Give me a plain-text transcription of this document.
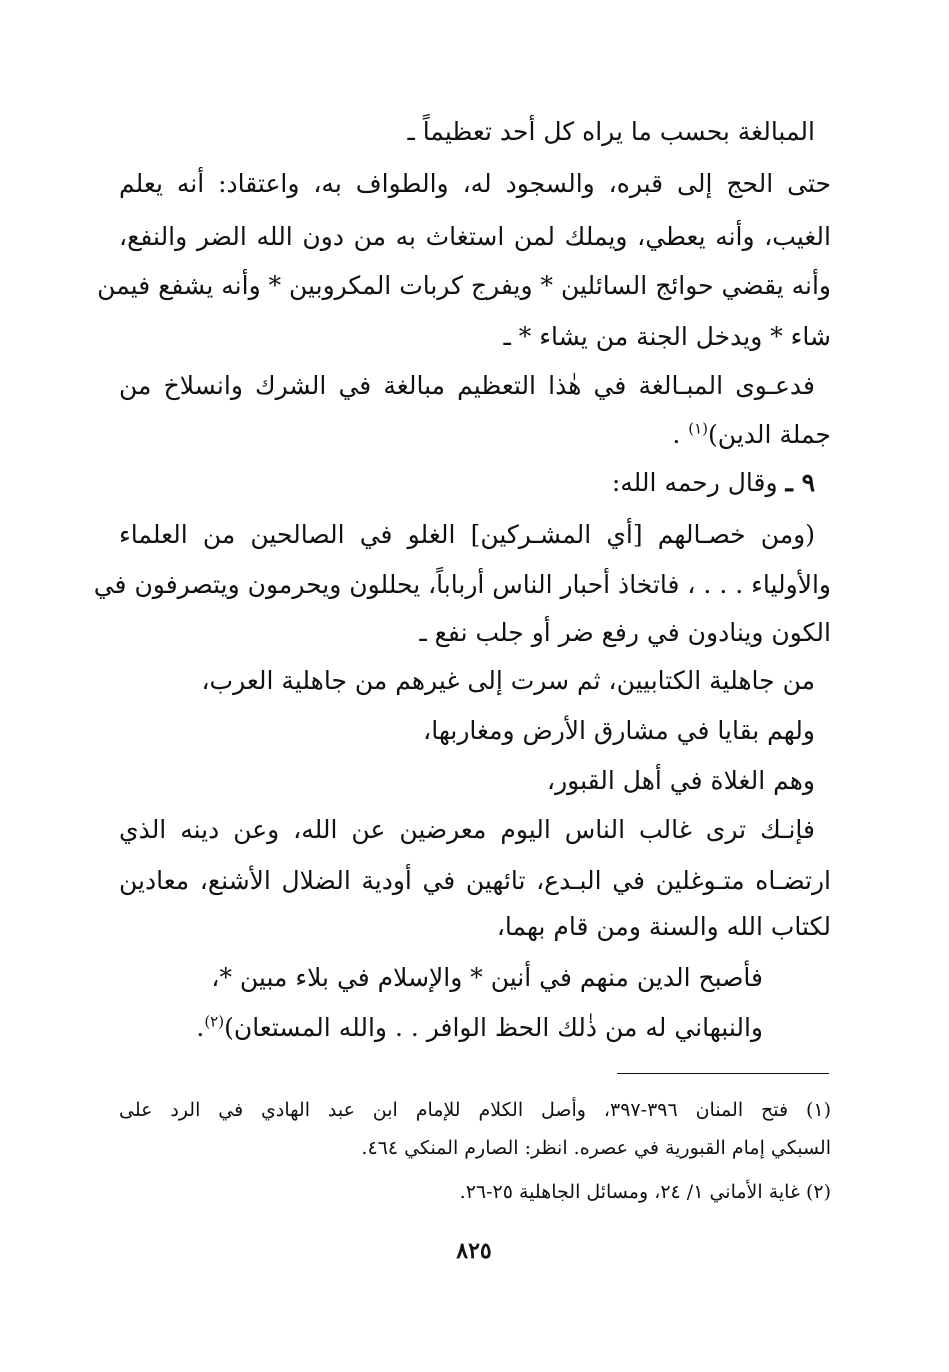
المبالغة بحسب ما يراه كل أحد تعظيماً ـ
حتى الحج إلى قبره، والسجود له، والطواف به، واعتقاد: أنه يعلم
الغيب، وأنه يعطي، ويملك لمن استغاث به من دون الله الضر والنفع،
وأنه يقضي حوائج السائلين * ويفرج كربات المكروبين * وأنه يشفع فيمن
شاء * ويدخل الجنة من يشاء * ـ
فدعـوى المبـالغة في هٰذا التعظيم مبالغة في الشرك وانسلاخ من
جملة الدين)$^{(١)}$ .
٩ ـ وقال رحمه الله:
(ومن خصـالهم [أي المشـركين] الغلو في الصالحين من العلماء
والأولياء . . . ، فاتخاذ أحبار الناس أرباباً، يحللون ويحرمون ويتصرفون في
الكون وينادون في رفع ضر أو جلب نفع ـ
من جاهلية الكتابيين، ثم سرت إلى غيرهم من جاهلية العرب،
ولهم بقايا في مشارق الأرض ومغاربها،
وهم الغلاة في أهل القبور،
فإنـك ترى غالب الناس اليوم معرضين عن الله، وعن دينه الذي
ارتضـاه متـوغلين في البـدع، تائهين في أودية الضلال الأشنع، معادين
لكتاب الله والسنة ومن قام بهما،
فأصبح الدين منهم في أنين * والإسلام في بلاء مبين *،
والنبهاني له من ذٰلك الحظ الوافر . . والله المستعان)$^{(٢)}$.
(١) فتح المنان ٣٩٦-٣٩٧، وأصل الكلام للإمام ابن عبد الهادي في الرد على
السبكي إمام القبورية في عصره. انظر: الصارم المنكي ٤٦٤.
(٢) غاية الأماني ١/ ٢٤، ومسائل الجاهلية ٢٥-٢٦.
٨٢٥
